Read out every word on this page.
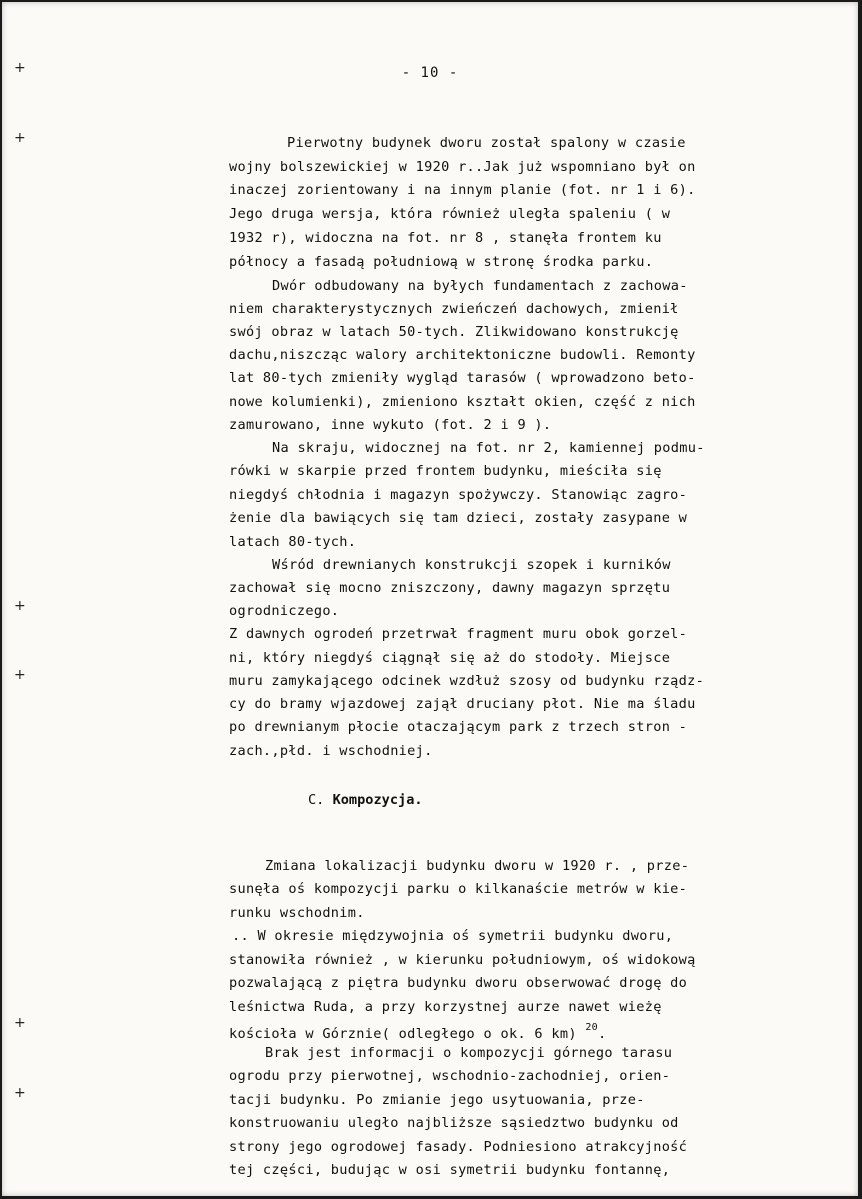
+
+
+
+
+
+
- 10 -
Pierwotny budynek dworu został spalony w czasie
wojny bolszewickiej w 1920 r..Jak już wspomniano był on
inaczej zorientowany i na innym planie (fot. nr 1 i 6).
Jego druga wersja, która również uległa spaleniu ( w
1932 r), widoczna na fot. nr 8 , stanęła frontem ku
północy a fasadą południową w stronę środka parku.
Dwór odbudowany na byłych fundamentach z zachowa-
niem charakterystycznych zwieńczeń dachowych, zmienił
swój obraz w latach 50-tych. Zlikwidowano konstrukcję
dachu,niszcząc walory architektoniczne budowli. Remonty
lat 80-tych zmieniły wygląd tarasów ( wprowadzono beto-
nowe kolumienki), zmieniono kształt okien, część z nich
zamurowano, inne wykuto (fot. 2 i 9 ).
Na skraju, widocznej na fot. nr 2, kamiennej podmu-
rówki w skarpie przed frontem budynku, mieściła się
niegdyś chłodnia i magazyn spożywczy. Stanowiąc zagro-
żenie dla bawiących się tam dzieci, zostały zasypane w
latach 80-tych.
Wśród drewnianych konstrukcji szopek i kurników
zachował się mocno zniszczony, dawny magazyn sprzętu
ogrodniczego.
Z dawnych ogrodeń przetrwał fragment muru obok gorzel-
ni, który niegdyś ciągnął się aż do stodoły. Miejsce
muru zamykającego odcinek wzdłuż szosy od budynku rządz-
cy do bramy wjazdowej zajął druciany płot. Nie ma śladu
po drewnianym płocie otaczającym park z trzech stron -
zach.,płd. i wschodniej.
C. Kompozycja.
Zmiana lokalizacji budynku dworu w 1920 r. , prze-
sunęła oś kompozycji parku o kilkanaście metrów w kie-
runku wschodnim.
.. W okresie międzywojnia oś symetrii budynku dworu,
stanowiła również , w kierunku południowym, oś widokową
pozwalającą z piętra budynku dworu obserwować drogę do
leśnictwa Ruda, a przy korzystnej aurze nawet wieżę
kościoła w Górznie( odległego o ok. 6 km) $^{20}$.
Brak jest informacji o kompozycji górnego tarasu
ogrodu przy pierwotnej, wschodnio-zachodniej, orien-
tacji budynku. Po zmianie jego usytuowania, prze-
konstruowaniu uległo najbliższe sąsiedztwo budynku od
strony jego ogrodowej fasady. Podniesiono atrakcyjność
tej części, budując w osi symetrii budynku fontannę,
